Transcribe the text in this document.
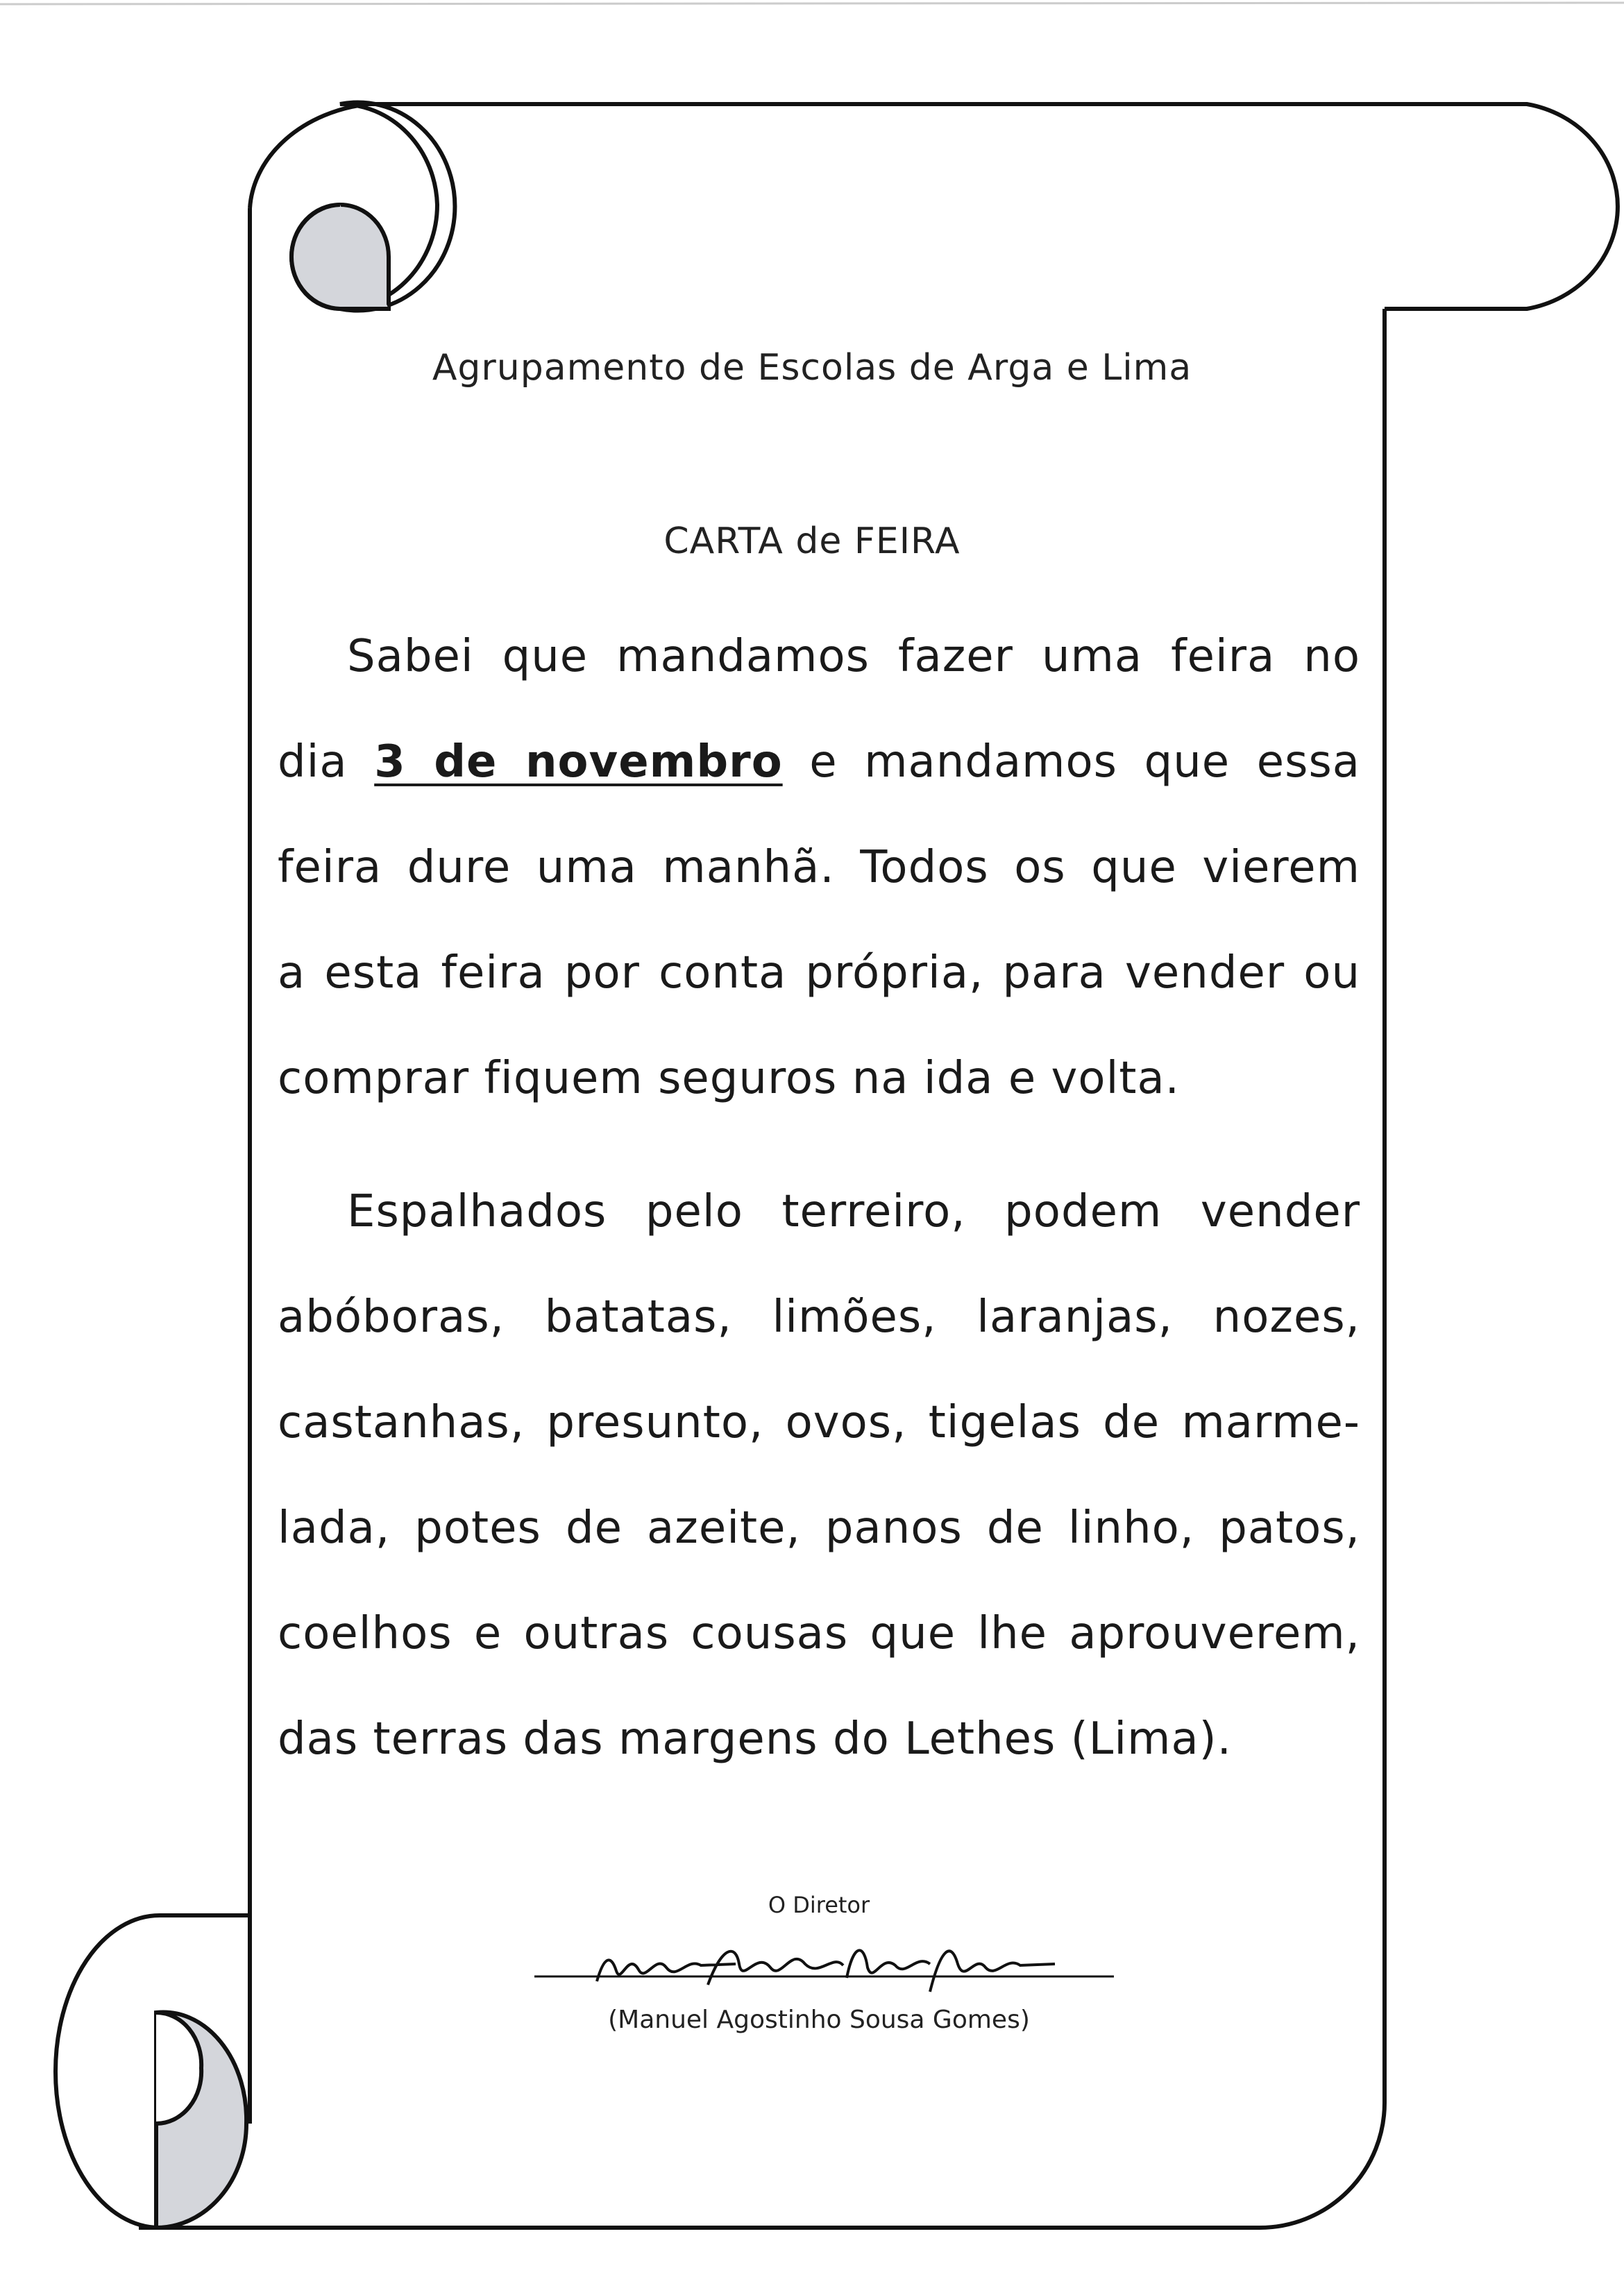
Agrupamento de Escolas de Arga e Lima
CARTA de FEIRA
Sabei que mandamos fazer uma feira no
dia 3 de novembro e mandamos que essa
feira dure uma manhã. Todos os que vierem
a esta feira por conta própria, para vender ou
comprar fiquem seguros na ida e volta.
Espalhados pelo terreiro, podem vender
abóboras, batatas, limões, laranjas, nozes,
castanhas, presunto, ovos, tigelas de marme-
lada, potes de azeite, panos de linho, patos,
coelhos e outras cousas que lhe aprouverem,
das terras das margens do Lethes (Lima).
O Diretor
(Manuel Agostinho Sousa Gomes)
